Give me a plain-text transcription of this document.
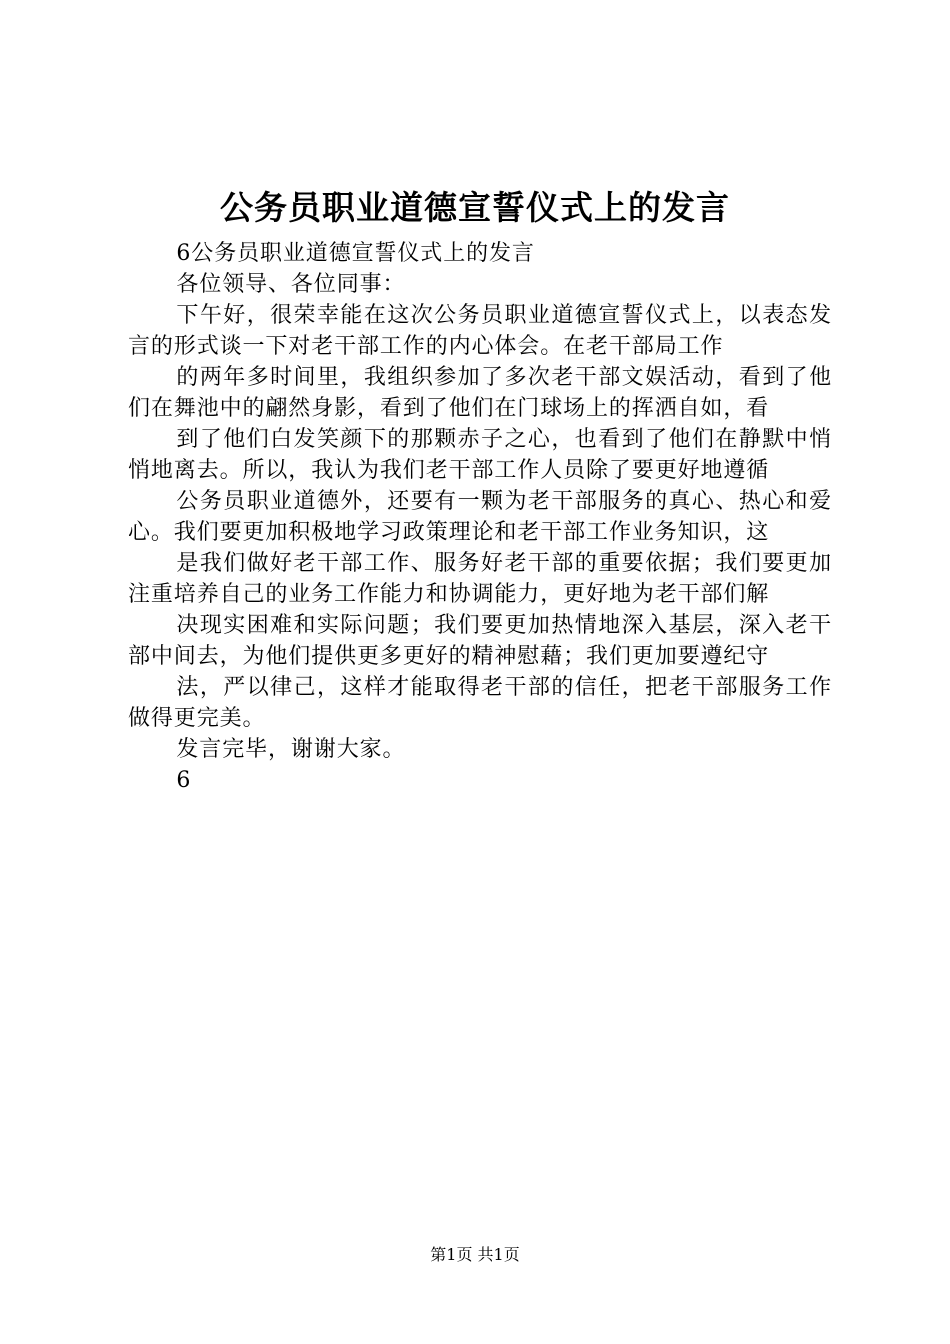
公务员职业道德宣誓仪式上的发言

6公务员职业道德宣誓仪式上的发言

各位领导、各位同事：

下午好，很荣幸能在这次公务员职业道德宣誓仪式上，以表态发言的形式谈一下对老干部工作的内心体会。在老干部局工作

的两年多时间里，我组织参加了多次老干部文娱活动，看到了他们在舞池中的翩然身影，看到了他们在门球场上的挥洒自如，看

到了他们白发笑颜下的那颗赤子之心，也看到了他们在静默中悄悄地离去。所以，我认为我们老干部工作人员除了要更好地遵循

公务员职业道德外，还要有一颗为老干部服务的真心、热心和爱心。我们要更加积极地学习政策理论和老干部工作业务知识，这

是我们做好老干部工作、服务好老干部的重要依据；我们要更加注重培养自己的业务工作能力和协调能力，更好地为老干部们解

决现实困难和实际问题；我们要更加热情地深入基层，深入老干部中间去，为他们提供更多更好的精神慰藉；我们更加要遵纪守

法，严以律己，这样才能取得老干部的信任，把老干部服务工作做得更完美。

发言完毕，谢谢大家。

6

第1页 共1页
